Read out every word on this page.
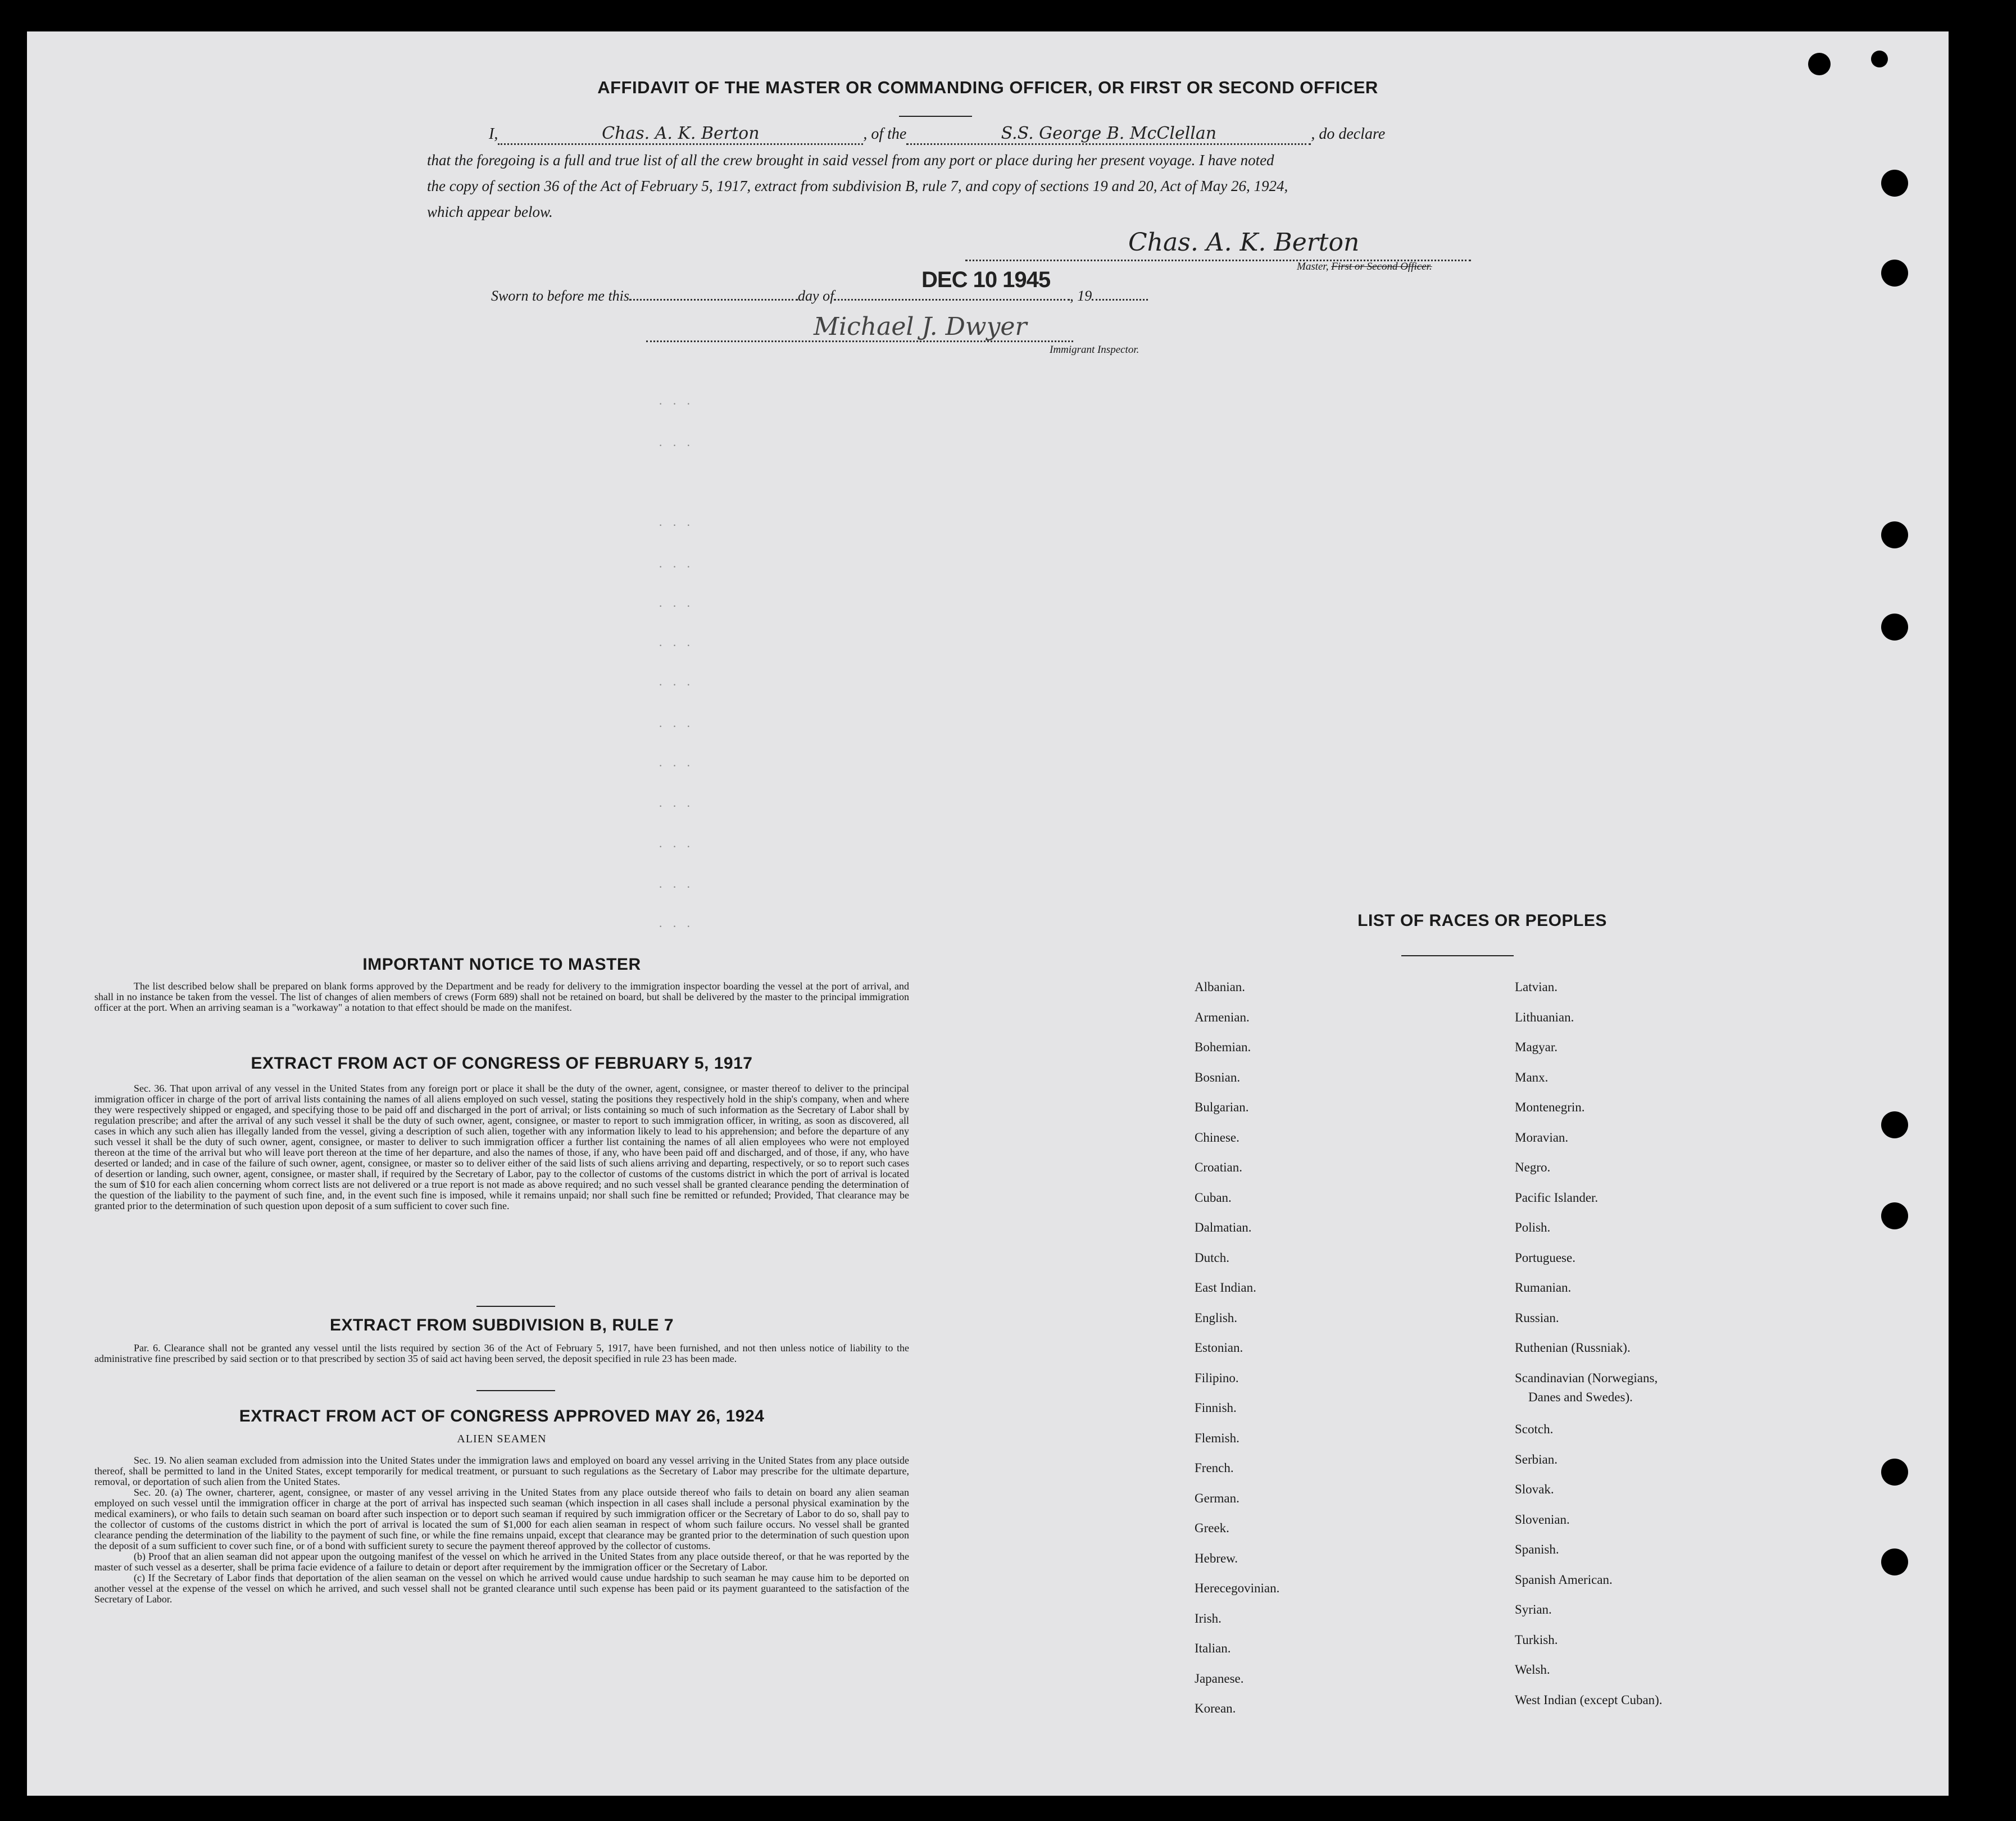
AFFIDAVIT OF THE MASTER OR COMMANDING OFFICER, OR FIRST OR SECOND OFFICER
I,	Chas. A. K. Berton	, of the	S.S. George B. McClellan	, do declare
that the foregoing is a full and true list of all the crew brought in said vessel from any port or place during her present voyage. I have noted
the copy of section 36 of the Act of February 5, 1917, extract from subdivision B, rule 7, and copy of sections 19 and 20, Act of May 26, 1924,
which appear below.
Chas. A. K. Berton
Master, First or Second Officer.
Sworn to before me this	day of	, 19
DEC 10 1945
Michael J. Dwyer
Immigrant Inspector.
· · ·
· · ·
· · ·
· · ·
· · ·
· · ·
· · ·
· · ·
· · ·
· · ·
· · ·
· · ·
· · ·
IMPORTANT NOTICE TO MASTER
The list described below shall be prepared on blank forms approved by the Department and be ready for delivery to the immigration inspector boarding the vessel at the port of arrival, and shall in no instance be taken from the vessel. The list of changes of alien members of crews (Form 689) shall not be retained on board, but shall be delivered by the master to the principal immigration officer at the port. When an arriving seaman is a "workaway" a notation to that effect should be made on the manifest.
EXTRACT FROM ACT OF CONGRESS OF FEBRUARY 5, 1917
Sec. 36. That upon arrival of any vessel in the United States from any foreign port or place it shall be the duty of the owner, agent, consignee, or master thereof to deliver to the principal immigration officer in charge of the port of arrival lists containing the names of all aliens employed on such vessel, stating the positions they respectively hold in the ship's company, when and where they were respectively shipped or engaged, and specifying those to be paid off and discharged in the port of arrival; or lists containing so much of such information as the Secretary of Labor shall by regulation prescribe; and after the arrival of any such vessel it shall be the duty of such owner, agent, consignee, or master to report to such immigration officer, in writing, as soon as discovered, all cases in which any such alien has illegally landed from the vessel, giving a description of such alien, together with any information likely to lead to his apprehension; and before the departure of any such vessel it shall be the duty of such owner, agent, consignee, or master to deliver to such immigration officer a further list containing the names of all alien employees who were not employed thereon at the time of the arrival but who will leave port thereon at the time of her departure, and also the names of those, if any, who have been paid off and discharged, and of those, if any, who have deserted or landed; and in case of the failure of such owner, agent, consignee, or master so to deliver either of the said lists of such aliens arriving and departing, respectively, or so to report such cases of desertion or landing, such owner, agent, consignee, or master shall, if required by the Secretary of Labor, pay to the collector of customs of the customs district in which the port of arrival is located the sum of $10 for each alien concerning whom correct lists are not delivered or a true report is not made as above required; and no such vessel shall be granted clearance pending the determination of the question of the liability to the payment of such fine, and, in the event such fine is imposed, while it remains unpaid; nor shall such fine be remitted or refunded; Provided, That clearance may be granted prior to the determination of such question upon deposit of a sum sufficient to cover such fine.
EXTRACT FROM SUBDIVISION B, RULE 7
Par. 6. Clearance shall not be granted any vessel until the lists required by section 36 of the Act of February 5, 1917, have been furnished, and not then unless notice of liability to the administrative fine prescribed by said section or to that prescribed by section 35 of said act having been served, the deposit specified in rule 23 has been made.
EXTRACT FROM ACT OF CONGRESS APPROVED MAY 26, 1924
ALIEN SEAMEN
Sec. 19. No alien seaman excluded from admission into the United States under the immigration laws and employed on board any vessel arriving in the United States from any place outside thereof, shall be permitted to land in the United States, except temporarily for medical treatment, or pursuant to such regulations as the Secretary of Labor may prescribe for the ultimate departure, removal, or deportation of such alien from the United States.
Sec. 20. (a) The owner, charterer, agent, consignee, or master of any vessel arriving in the United States from any place outside thereof who fails to detain on board any alien seaman employed on such vessel until the immigration officer in charge at the port of arrival has inspected such seaman (which inspection in all cases shall include a personal physical examination by the medical examiners), or who fails to detain such seaman on board after such inspection or to deport such seaman if required by such immigration officer or the Secretary of Labor to do so, shall pay to the collector of customs of the customs district in which the port of arrival is located the sum of $1,000 for each alien seaman in respect of whom such failure occurs. No vessel shall be granted clearance pending the determination of the liability to the payment of such fine, or while the fine remains unpaid, except that clearance may be granted prior to the determination of such question upon the deposit of a sum sufficient to cover such fine, or of a bond with sufficient surety to secure the payment thereof approved by the collector of customs.
(b) Proof that an alien seaman did not appear upon the outgoing manifest of the vessel on which he arrived in the United States from any place outside thereof, or that he was reported by the master of such vessel as a deserter, shall be prima facie evidence of a failure to detain or deport after requirement by the immigration officer or the Secretary of Labor.
(c) If the Secretary of Labor finds that deportation of the alien seaman on the vessel on which he arrived would cause undue hardship to such seaman he may cause him to be deported on another vessel at the expense of the vessel on which he arrived, and such vessel shall not be granted clearance until such expense has been paid or its payment guaranteed to the satisfaction of the Secretary of Labor.
LIST OF RACES OR PEOPLES
Albanian.
Armenian.
Bohemian.
Bosnian.
Bulgarian.
Chinese.
Croatian.
Cuban.
Dalmatian.
Dutch.
East Indian.
English.
Estonian.
Filipino.
Finnish.
Flemish.
French.
German.
Greek.
Hebrew.
Herecegovinian.
Irish.
Italian.
Japanese.
Korean.
Latvian.
Lithuanian.
Magyar.
Manx.
Montenegrin.
Moravian.
Negro.
Pacific Islander.
Polish.
Portuguese.
Rumanian.
Russian.
Ruthenian (Russniak).
Scandinavian (Norwegians,
Danes and Swedes).
Scotch.
Serbian.
Slovak.
Slovenian.
Spanish.
Spanish American.
Syrian.
Turkish.
Welsh.
West Indian (except Cuban).
